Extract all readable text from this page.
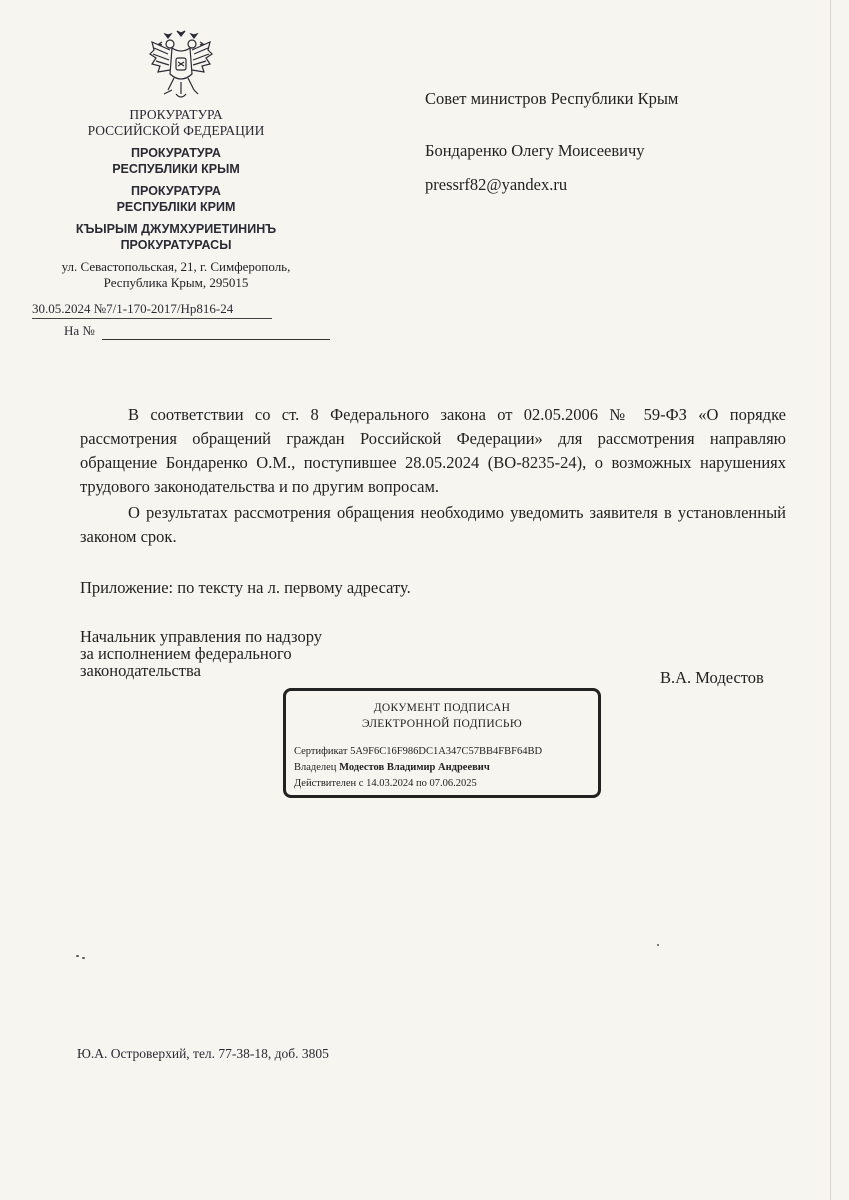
ПРОКУРАТУРА
РОССИЙСКОЙ ФЕДЕРАЦИИ
ПРОКУРАТУРА
РЕСПУБЛИКИ КРЫМ
ПРОКУРАТУРА
РЕСПУБЛІКИ КРИМ
КЪЫРЫМ ДЖУМХУРИЕТИНИНЪ
ПРОКУРАТУРАСЫ
ул. Севастопольская, 21, г. Симферополь,
Республика Крым, 295015
30.05.2024 №7/1-170-2017/Нр816-24
На №
Совет министров Республики Крым
Бондаренко Олегу Моисеевичу
pressrf82@yandex.ru

В соответствии со ст. 8 Федерального закона от 02.05.2006 № 59-ФЗ «О порядке рассмотрения обращений граждан Российской Федерации» для рассмотрения направляю обращение Бондаренко О.М., поступившее 28.05.2024 (ВО-8235-24), о возможных нарушениях трудового законодательства и по другим вопросам.

О результатах рассмотрения обращения необходимо уведомить заявителя в установленный законом срок.

Приложение: по тексту на л. первому адресату.
Начальник управления по надзору
за исполнением федерального
законодательства	В.А. Модестов
ДОКУМЕНТ ПОДПИСАН
ЭЛЕКТРОННОЙ ПОДПИСЬЮ
Сертификат 5A9F6C16F986DC1A347C57BB4FBF64BD
Владелец Модестов Владимир Андреевич
Действителен с 14.03.2024 по 07.06.2025
Ю.А. Островерхий, тел. 77-38-18, доб. 3805
